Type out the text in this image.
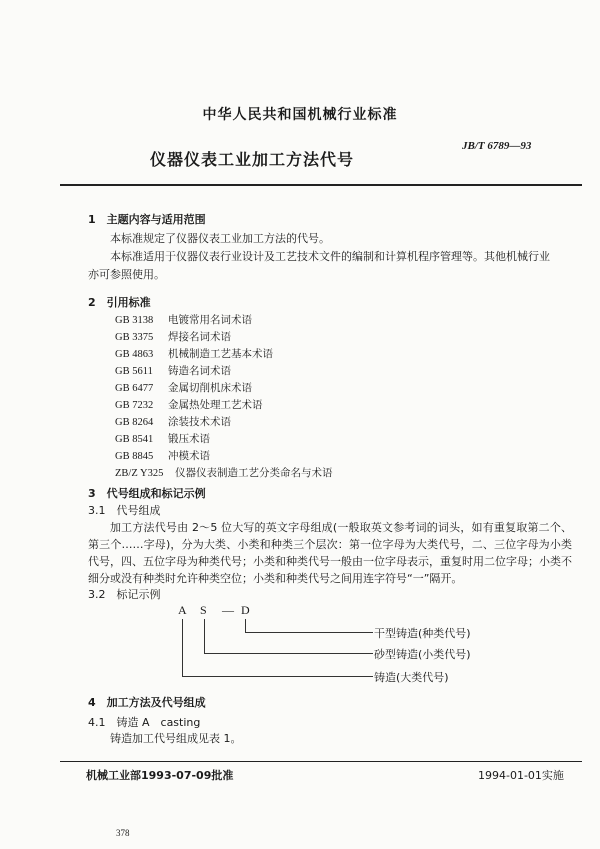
中华人民共和国机械行业标准
JB/T 6789—93
仪器仪表工业加工方法代号
1　主题内容与适用范围
本标准规定了仪器仪表工业加工方法的代号。
本标准适用于仪器仪表行业设计及工艺技术文件的编制和计算机程序管理等。其他机械行业亦可参照使用。
2　引用标准
GB 3138 电镀常用名词术语
GB 3375 焊接名词术语
GB 4863 机械制造工艺基本术语
GB 5611 铸造名词术语
GB 6477 金属切削机床术语
GB 7232 金属热处理工艺术语
GB 8264 涂装技术术语
GB 8541 锻压术语
GB 8845 冲模术语
ZB/Z Y325 仪器仪表制造工艺分类命名与术语
3　代号组成和标记示例
3.1　代号组成
加工方法代号由 2～5 位大写的英文字母组成(一般取英文参考词的词头，如有重复取第二个、第三个……字母)，分为大类、小类和种类三个层次：第一位字母为大类代号，二、三位字母为小类代号，四、五位字母为种类代号；小类和种类代号一般由一位字母表示，重复时用二位字母；小类不细分或没有种类时允许种类空位；小类和种类代号之间用连字符号“一”隔开。
3.2　标记示例
A S — D
干型铸造(种类代号)
砂型铸造(小类代号)
铸造(大类代号)
4　加工方法及代号组成
4.1　铸造 A　casting
铸造加工代号组成见表 1。
机械工业部1993-07-09批准	1994-01-01实施
378
